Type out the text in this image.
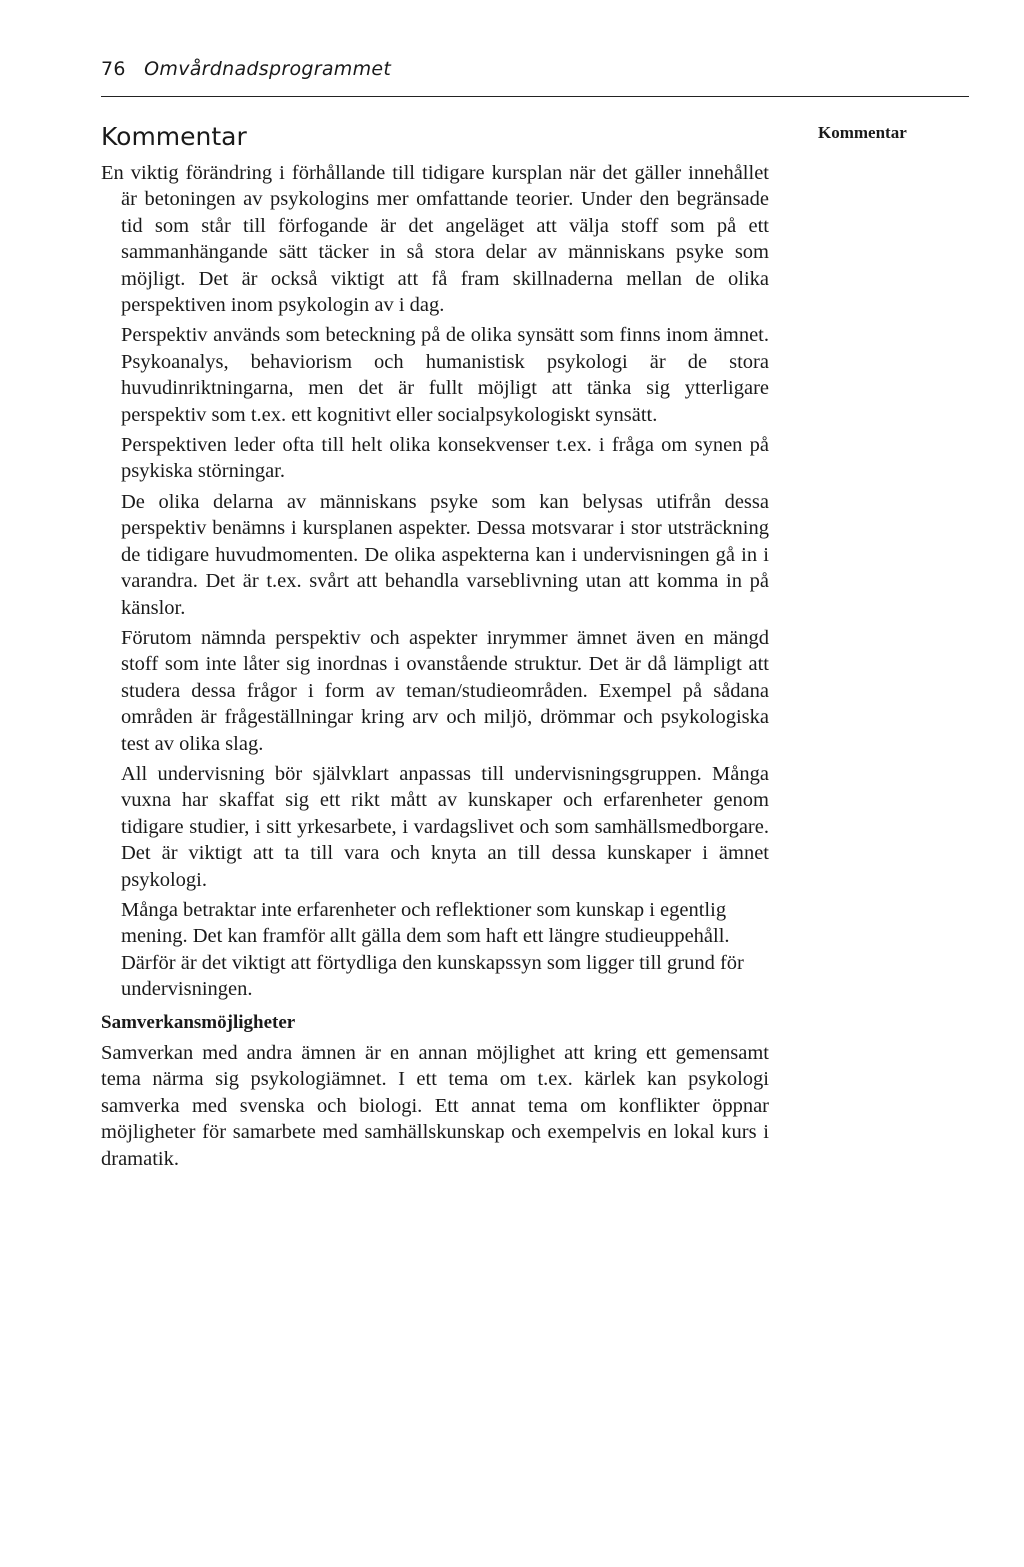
76 Omvårdnadsprogrammet
Kommentar	Kommentar

En viktig förändring i förhållande till tidigare kursplan när det gäller innehållet är betoningen av psykologins mer omfattande teorier. Under den begränsade tid som står till förfogande är det angeläget att välja stoff som på ett sammanhängande sätt täcker in så stora delar av människans psyke som möjligt. Det är också viktigt att få fram skillnaderna mellan de olika perspektiven inom psykologin av i dag.

Perspektiv används som beteckning på de olika synsätt som finns inom ämnet. Psykoanalys, behaviorism och humanistisk psykologi är de stora huvudinriktningarna, men det är fullt möjligt att tänka sig ytterligare perspektiv som t.ex. ett kognitivt eller socialpsykologiskt synsätt.

Perspektiven leder ofta till helt olika konsekvenser t.ex. i fråga om synen på psykiska störningar.

De olika delarna av människans psyke som kan belysas utifrån dessa perspektiv benämns i kursplanen aspekter. Dessa motsvarar i stor utsträckning de tidigare huvudmomenten. De olika aspekterna kan i undervisningen gå in i varandra. Det är t.ex. svårt att behandla varseblivning utan att komma in på känslor.

Förutom nämnda perspektiv och aspekter inrymmer ämnet även en mängd stoff som inte låter sig inordnas i ovanstående struktur. Det är då lämpligt att studera dessa frågor i form av teman/studieområden. Exempel på sådana områden är frågeställningar kring arv och miljö, drömmar och psykologiska test av olika slag.

All undervisning bör självklart anpassas till undervisningsgruppen. Många vuxna har skaffat sig ett rikt mått av kunskaper och erfarenheter genom tidigare studier, i sitt yrkesarbete, i vardagslivet och som samhällsmedborgare. Det är viktigt att ta till vara och knyta an till dessa kunskaper i ämnet psykologi.

Många betraktar inte erfarenheter och reflektioner som kunskap i egentlig mening. Det kan framför allt gälla dem som haft ett längre studieuppehåll. Därför är det viktigt att förtydliga den kunskapssyn som ligger till grund för undervisningen.

Samverkansmöjligheter

Samverkan med andra ämnen är en annan möjlighet att kring ett gemensamt tema närma sig psykologiämnet. I ett tema om t.ex. kärlek kan psykologi samverka med svenska och biologi. Ett annat tema om konflikter öppnar möjligheter för samarbete med samhällskunskap och exempelvis en lokal kurs i dramatik.
